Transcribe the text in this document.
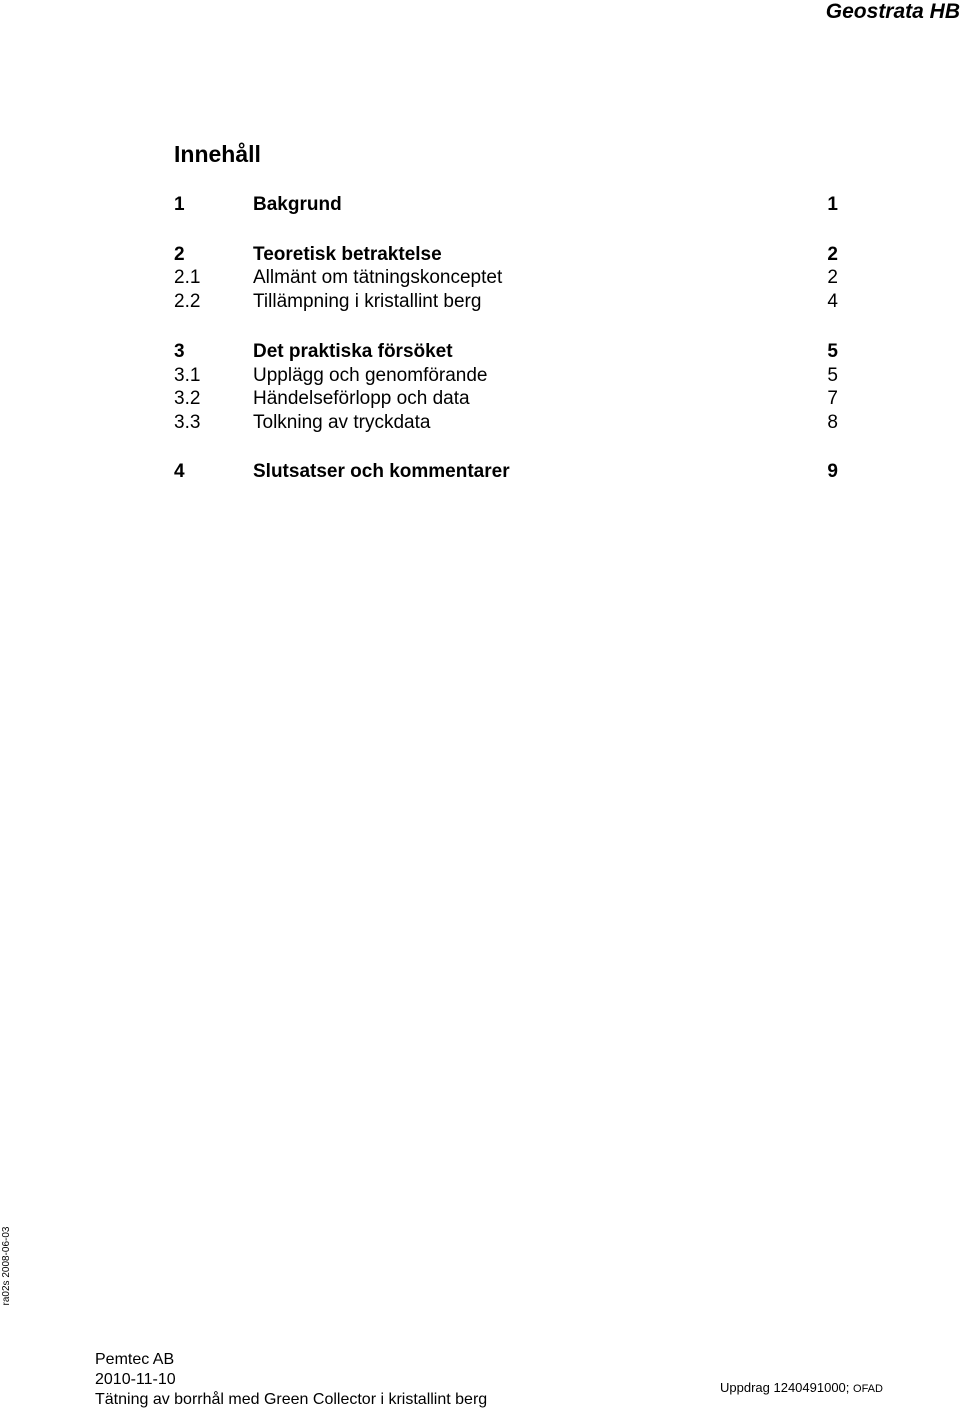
Geostrata HB
Innehåll
1	Bakgrund	1
2	Teoretisk betraktelse	2
2.1	Allmänt om tätningskonceptet	2
2.2	Tillämpning i kristallint berg	4
3	Det praktiska försöket	5
3.1	Upplägg och genomförande	5
3.2	Händelseförlopp och data	7
3.3	Tolkning av tryckdata	8
4	Slutsatser och kommentarer	9
ra02s 2008-06-03
Pemtec AB
2010-11-10
Tätning av borrhål med Green Collector i kristallint berg
Uppdrag 1240491000; OFAD
